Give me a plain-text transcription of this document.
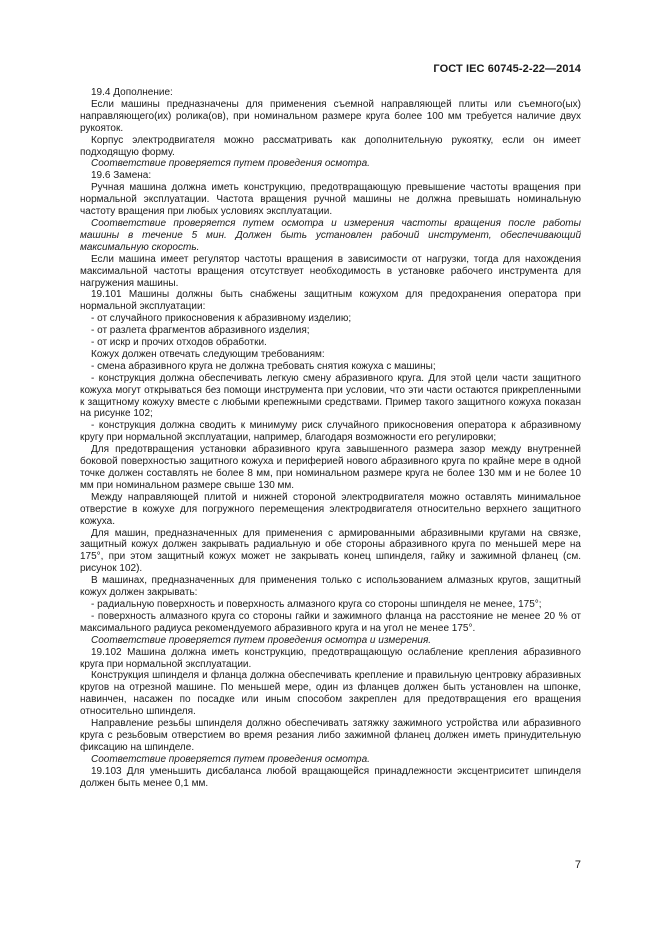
ГОСТ IEC 60745-2-22—2014

19.4 Дополнение:

Если машины предназначены для применения съемной направляющей плиты или съемного(ых) направляющего(их) ролика(ов), при номинальном размере круга более 100 мм требуется наличие двух рукояток.

Корпус электродвигателя можно рассматривать как дополнительную рукоятку, если он имеет подходящую форму.

Соответствие проверяется путем проведения осмотра.

19.6 Замена:

Ручная машина должна иметь конструкцию, предотвращающую превышение частоты вращения при нормальной эксплуатации. Частота вращения ручной машины не должна превышать номинальную частоту вращения при любых условиях эксплуатации.

Соответствие проверяется путем осмотра и измерения частоты вращения после работы машины в течение 5 мин. Должен быть установлен рабочий инструмент, обеспечивающий максимальную скорость.

Если машина имеет регулятор частоты вращения в зависимости от нагрузки, тогда для нахождения максимальной частоты вращения отсутствует необходимость в установке рабочего инструмента для нагружения машины.

19.101 Машины должны быть снабжены защитным кожухом для предохранения оператора при нормальной эксплуатации:

- от случайного прикосновения к абразивному изделию;

- от разлета фрагментов абразивного изделия;

- от искр и прочих отходов обработки.

Кожух должен отвечать следующим требованиям:

- смена абразивного круга не должна требовать снятия кожуха с машины;

- конструкция должна обеспечивать легкую смену абразивного круга. Для этой цели части защитного кожуха могут открываться без помощи инструмента при условии, что эти части остаются прикрепленными к защитному кожуху вместе с любыми крепежными средствами. Пример такого защитного кожуха показан на рисунке 102;

- конструкция должна сводить к минимуму риск случайного прикосновения оператора к абразивному кругу при нормальной эксплуатации, например, благодаря возможности его регулировки;

Для предотвращения установки абразивного круга завышенного размера зазор между внутренней боковой поверхностью защитного кожуха и периферией нового абразивного круга по крайне мере в одной точке должен составлять не более 8 мм, при номинальном размере круга не более 130 мм и не более 10 мм при номинальном размере свыше 130 мм.

Между направляющей плитой и нижней стороной электродвигателя можно оставлять минимальное отверстие в кожухе для погружного перемещения электродвигателя относительно верхнего защитного кожуха.

Для машин, предназначенных для применения с армированными абразивными кругами на связке, защитный кожух должен закрывать радиальную и обе стороны абразивного круга по меньшей мере на 175°, при этом защитный кожух может не закрывать конец шпинделя, гайку и зажимной фланец (см. рисунок 102).

В машинах, предназначенных для применения только с использованием алмазных кругов, защитный кожух должен закрывать:

- радиальную поверхность и поверхность алмазного круга со стороны шпинделя не менее, 175°;

- поверхность алмазного круга со стороны гайки и зажимного фланца на расстояние не менее 20 % от максимального радиуса рекомендуемого абразивного круга и на угол не менее 175°.

Соответствие проверяется путем проведения осмотра и измерения.

19.102 Машина должна иметь конструкцию, предотвращающую ослабление крепления абразивного круга при нормальной эксплуатации.

Конструкция шпинделя и фланца должна обеспечивать крепление и правильную центровку абразивных кругов на отрезной машине. По меньшей мере, один из фланцев должен быть установлен на шпонке, навинчен, насажен по посадке или иным способом закреплен для предотвращения его вращения относительно шпинделя.

Направление резьбы шпинделя должно обеспечивать затяжку зажимного устройства или абразивного круга с резьбовым отверстием во время резания либо зажимной фланец должен иметь принудительную фиксацию на шпинделе.

Соответствие проверяется путем проведения осмотра.

19.103 Для уменьшить дисбаланса любой вращающейся принадлежности эксцентриситет шпинделя должен быть менее 0,1 мм.

7
